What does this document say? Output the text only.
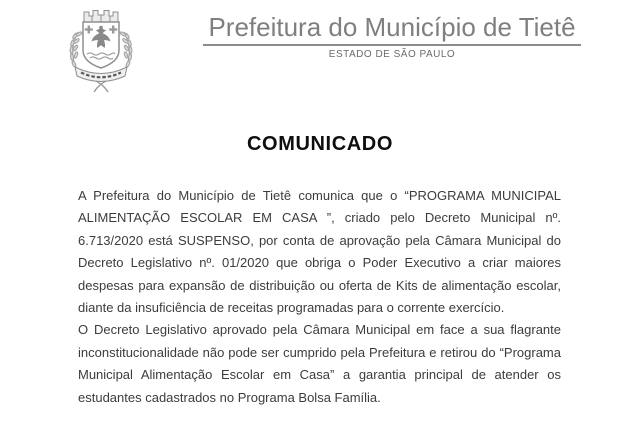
Prefeitura do Município de Tietê
ESTADO DE SÃO PAULO
COMUNICADO
A Prefeitura do Município de Tietê comunica que o “PROGRAMA MUNICIPAL
ALIMENTAÇÃO ESCOLAR EM CASA ”, criado pelo Decreto Municipal nº.
6.713/2020 está SUSPENSO, por conta de aprovação pela Câmara Municipal do
Decreto Legislativo nº. 01/2020 que obriga o Poder Executivo a criar maiores
despesas para expansão de distribuição ou oferta de Kits de alimentação escolar,
diante da insuficiência de receitas programadas para o corrente exercício.
O Decreto Legislativo aprovado pela Câmara Municipal em face a sua flagrante
inconstitucionalidade não pode ser cumprido pela Prefeitura e retirou do “Programa
Municipal Alimentação Escolar em Casa” a garantia principal de atender os
estudantes cadastrados no Programa Bolsa Família.
